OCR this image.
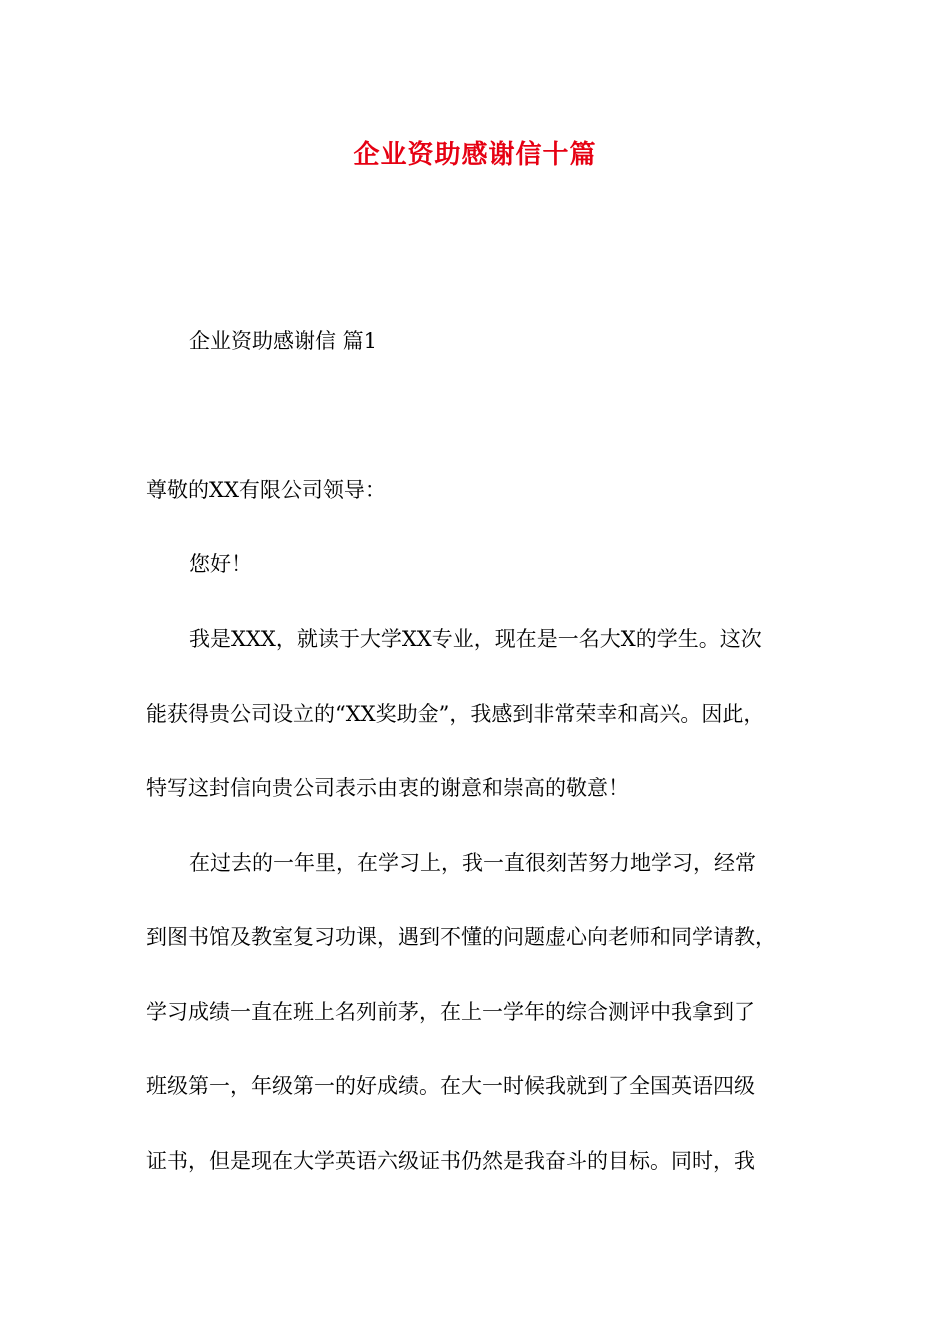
企业资助感谢信十篇
企业资助感谢信 篇1
尊敬的XX有限公司领导：
您好！
我是XXX，就读于大学XX专业，现在是一名大X的学生。这次
能获得贵公司设立的“XX奖助金”，我感到非常荣幸和高兴。因此，
特写这封信向贵公司表示由衷的谢意和崇高的敬意！
在过去的一年里，在学习上，我一直很刻苦努力地学习，经常
到图书馆及教室复习功课，遇到不懂的问题虚心向老师和同学请教，
学习成绩一直在班上名列前茅，在上一学年的综合测评中我拿到了
班级第一，年级第一的好成绩。在大一时候我就到了全国英语四级
证书，但是现在大学英语六级证书仍然是我奋斗的目标。同时，我
